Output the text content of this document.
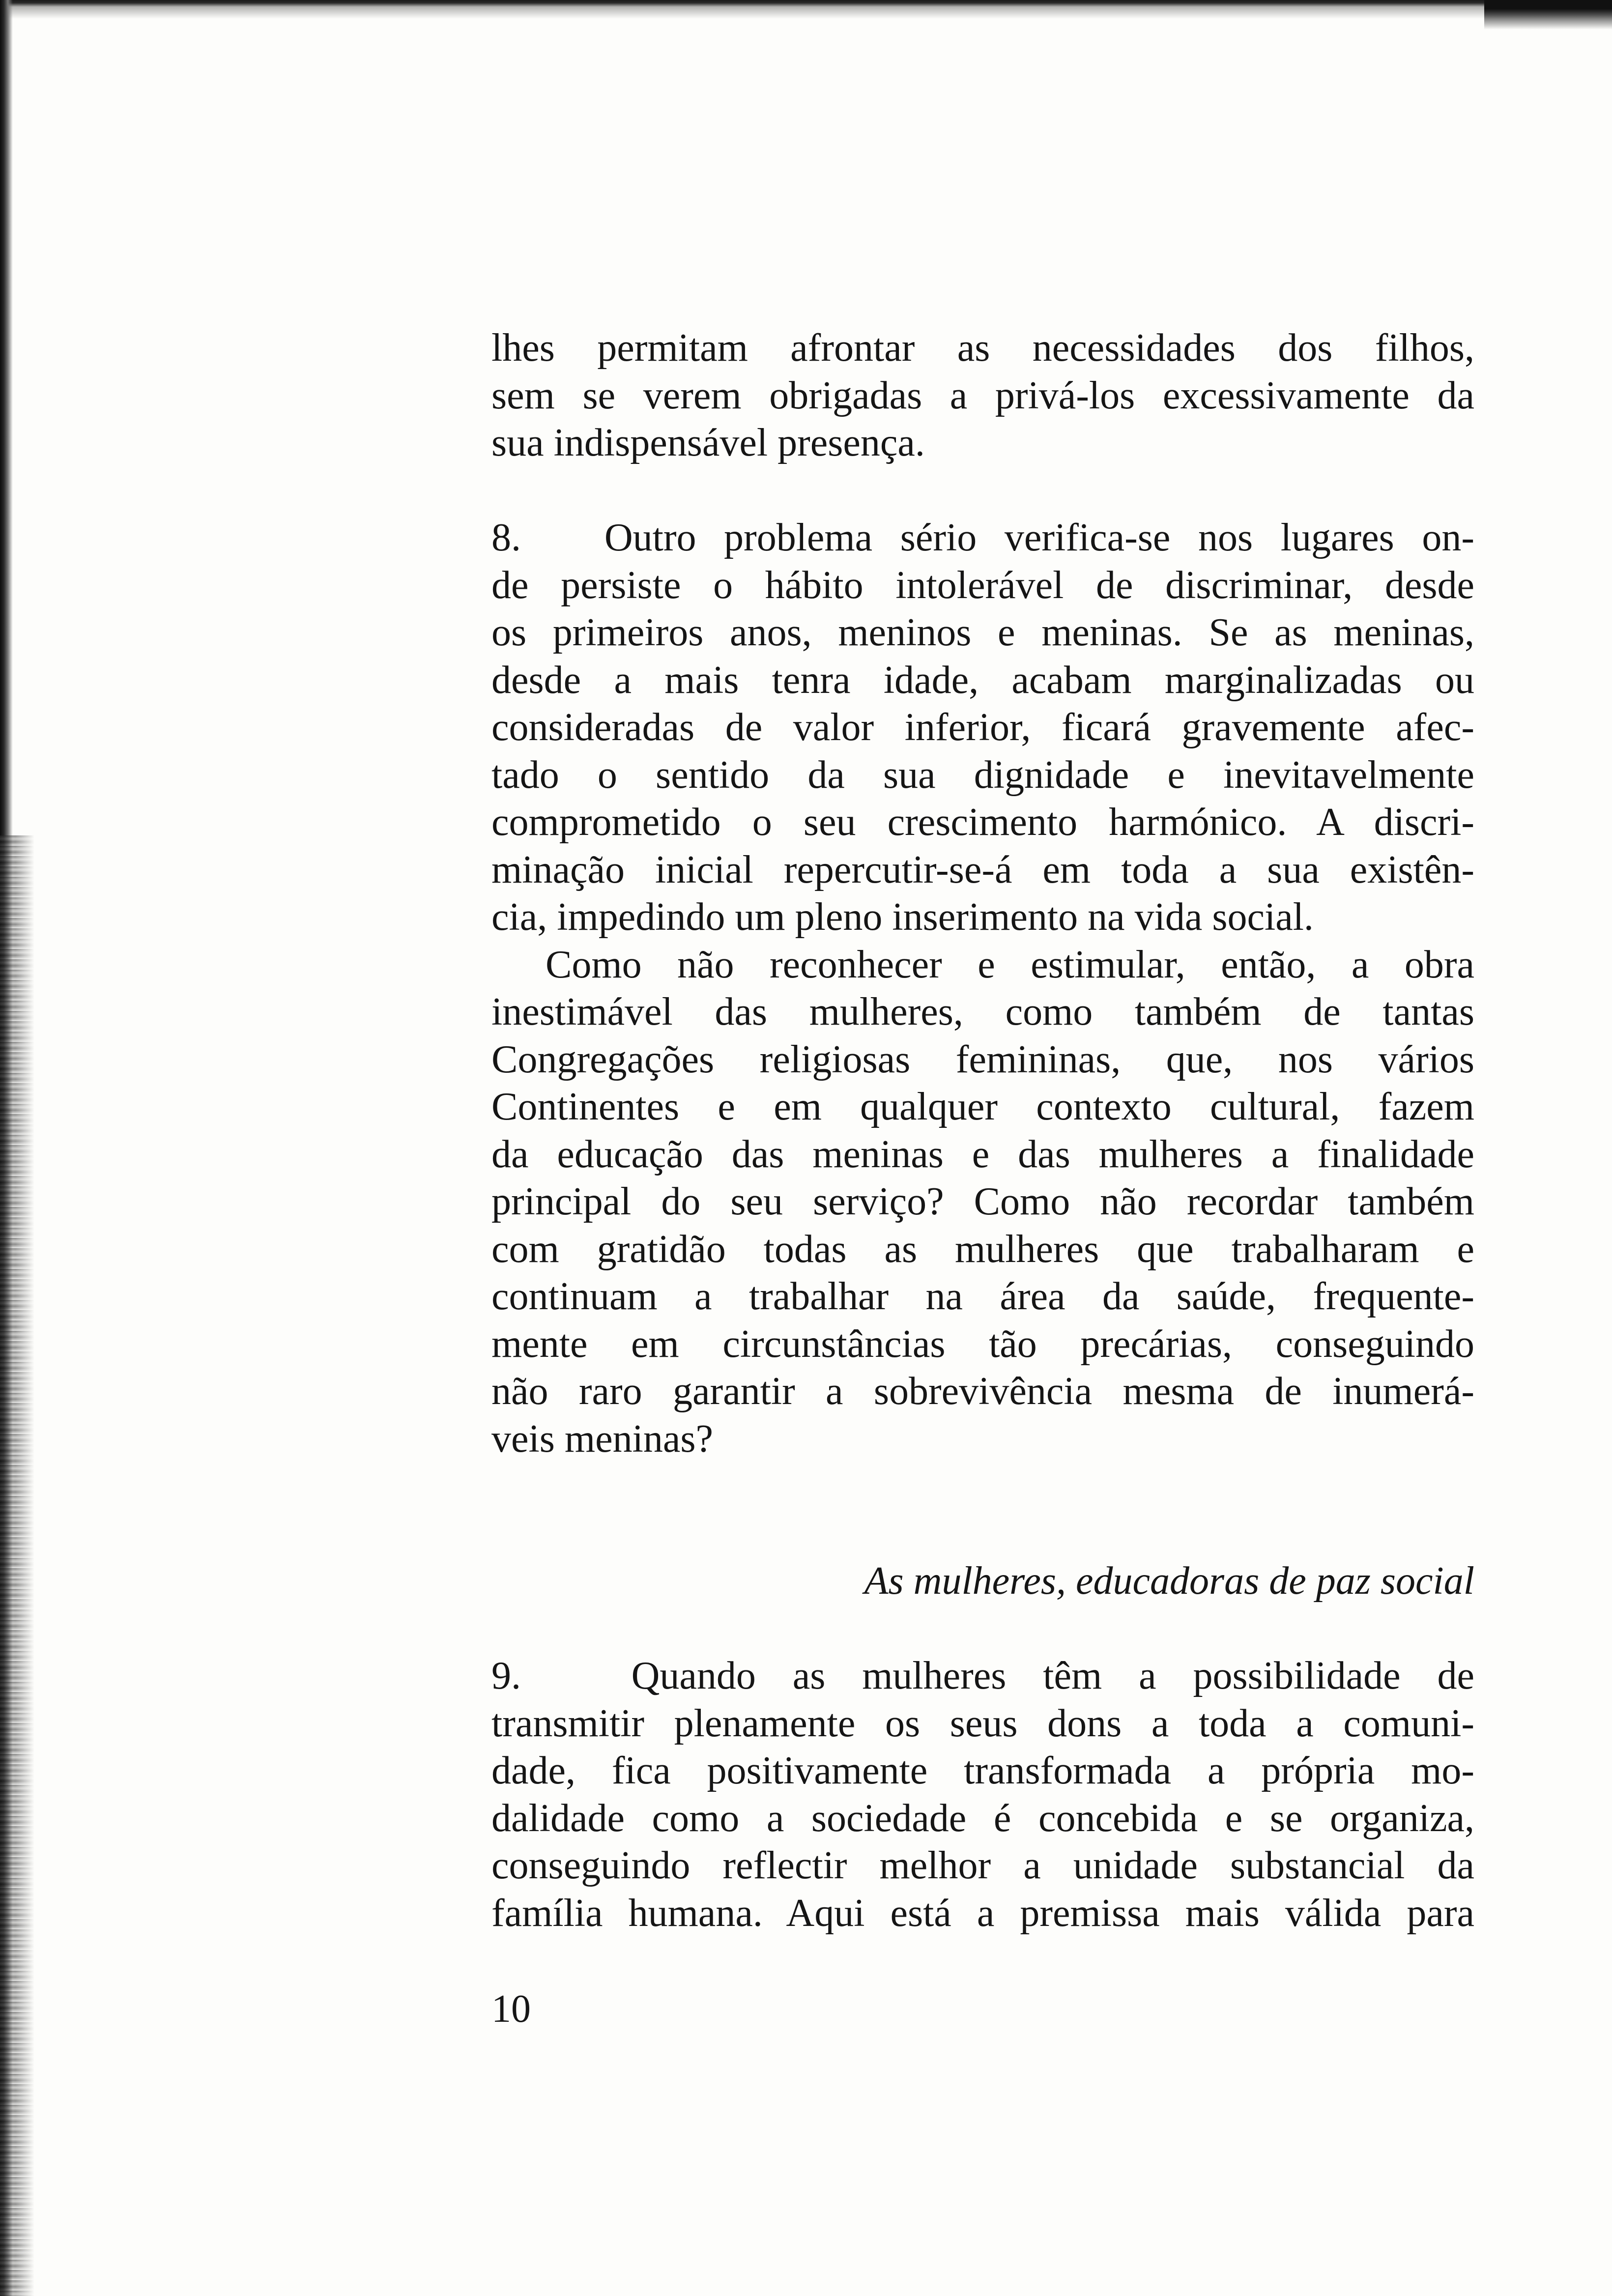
lhes permitam afrontar as necessidades dos filhos,
sem se verem obrigadas a privá-los excessivamente da
sua indispensável presença.
8. Outro problema sério verifica-se nos lugares on-
de persiste o hábito intolerável de discriminar, desde
os primeiros anos, meninos e meninas. Se as meninas,
desde a mais tenra idade, acabam marginalizadas ou
consideradas de valor inferior, ficará gravemente afec-
tado o sentido da sua dignidade e inevitavelmente
comprometido o seu crescimento harmónico. A discri-
minação inicial repercutir-se-á em toda a sua existên-
cia, impedindo um pleno inserimento na vida social.
Como não reconhecer e estimular, então, a obra
inestimável das mulheres, como também de tantas
Congregações religiosas femininas, que, nos vários
Continentes e em qualquer contexto cultural, fazem
da educação das meninas e das mulheres a finalidade
principal do seu serviço? Como não recordar também
com gratidão todas as mulheres que trabalharam e
continuam a trabalhar na área da saúde, frequente-
mente em circunstâncias tão precárias, conseguindo
não raro garantir a sobrevivência mesma de inumerá-
veis meninas?
As mulheres, educadoras de paz social
9.	Quando as mulheres têm a possibilidade de
transmitir plenamente os seus dons a toda a comuni-
dade, fica positivamente transformada a própria mo-
dalidade como a sociedade é concebida e se organiza,
conseguindo reflectir melhor a unidade substancial da
família humana. Aqui está a premissa mais válida para
10
